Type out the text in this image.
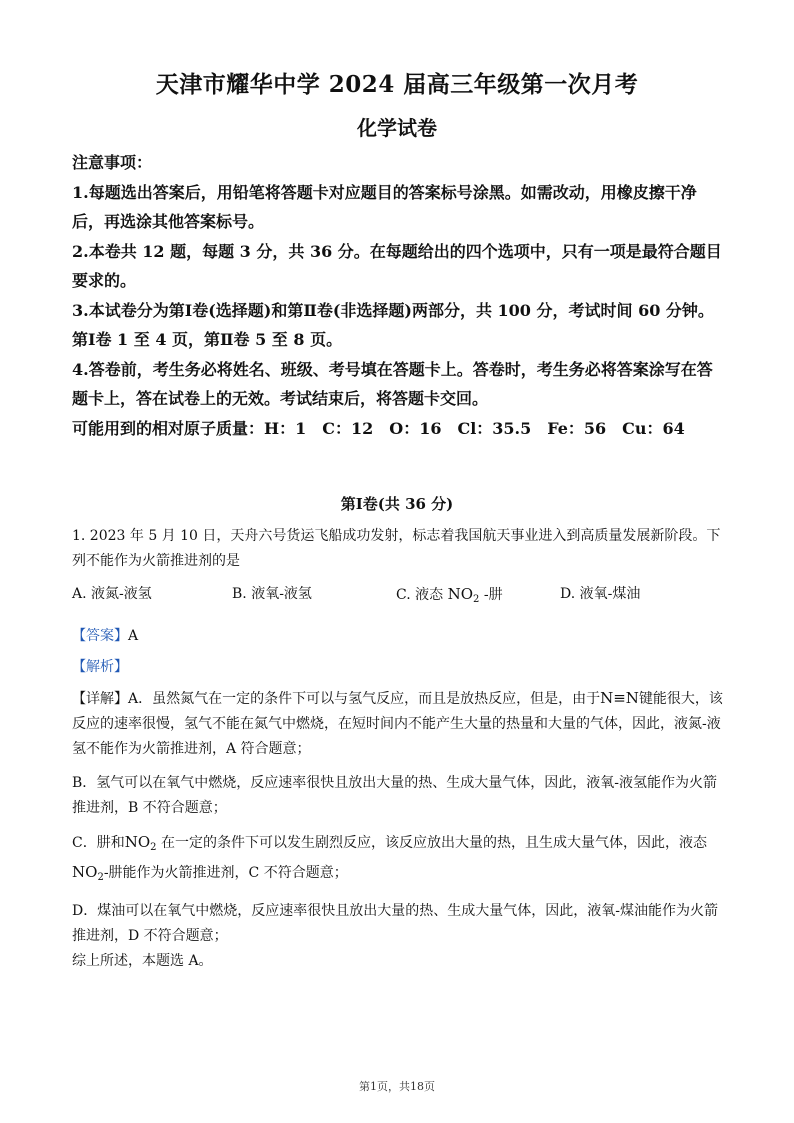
天津市耀华中学 2024 届高三年级第一次月考
化学试卷

注意事项：

1.每题选出答案后，用铅笔将答题卡对应题目的答案标号涂黑。如需改动，用橡皮擦干净后，再选涂其他答案标号。

2.本卷共 12 题，每题 3 分，共 36 分。在每题给出的四个选项中，只有一项是最符合题目要求的。

3.本试卷分为第Ⅰ卷(选择题)和第Ⅱ卷(非选择题)两部分，共 100 分，考试时间 60 分钟。第Ⅰ卷 1 至 4 页，第Ⅱ卷 5 至 8 页。

4.答卷前，考生务必将姓名、班级、考号填在答题卡上。答卷时，考生务必将答案涂写在答题卡上，答在试卷上的无效。考试结束后，将答题卡交回。

可能用到的相对原子质量：H：1　C：12　O：16　Cl：35.5　Fe：56　Cu：64

第Ⅰ卷(共 36 分)

1. 2023 年 5 月 10 日，天舟六号货运飞船成功发射，标志着我国航天事业进入到高质量发展新阶段。下列不能作为火箭推进剂的是

A. 液氮-液氢	B. 液氧-液氢	C. 液态 $NO_2$ -肼	D. 液氧-煤油

【答案】A

【解析】

【详解】A．虽然氮气在一定的条件下可以与氢气反应，而且是放热反应，但是，由于N≡N键能很大，该反应的速率很慢，氢气不能在氮气中燃烧，在短时间内不能产生大量的热量和大量的气体，因此，液氮-液氢不能作为火箭推进剂，A 符合题意；

B．氢气可以在氧气中燃烧，反应速率很快且放出大量的热、生成大量气体，因此，液氧-液氢能作为火箭推进剂，B 不符合题意；

C．肼和$NO_2$ 在一定的条件下可以发生剧烈反应，该反应放出大量的热，且生成大量气体，因此，液态$NO_2-$肼能作为火箭推进剂，C 不符合题意；

D．煤油可以在氧气中燃烧，反应速率很快且放出大量的热、生成大量气体，因此，液氧-煤油能作为火箭推进剂，D 不符合题意；

综上所述，本题选 A。

第1页，共18页
